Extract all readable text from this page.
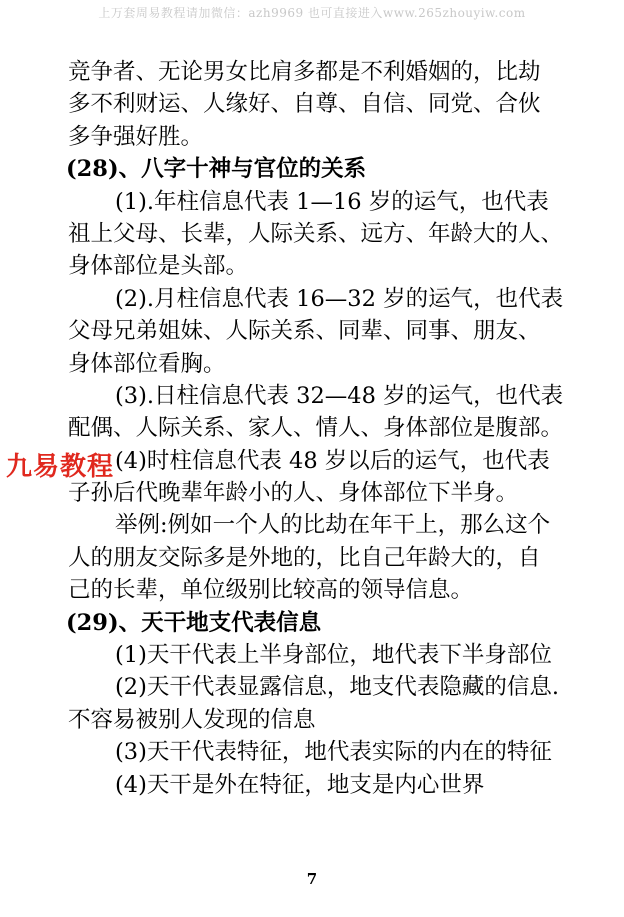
上万套周易教程请加微信：azh9969 也可直接进入www.265zhouyiw.com
竞争者、无论男女比肩多都是不利婚姻的，比劫
多不利财运、人缘好、自尊、自信、同党、合伙
多争强好胜。
(28)、八字十神与官位的关系
(1).年柱信息代表 1—16 岁的运气，也代表
祖上父母、长辈，人际关系、远方、年龄大的人、
身体部位是头部。
(2).月柱信息代表 16—32 岁的运气，也代表
父母兄弟姐妹、人际关系、同辈、同事、朋友、
身体部位看胸。
(3).日柱信息代表 32—48 岁的运气，也代表
配偶、人际关系、家人、情人、身体部位是腹部。
(4)时柱信息代表 48 岁以后的运气，也代表
子孙后代晚辈年龄小的人、身体部位下半身。
举例:例如一个人的比劫在年干上，那么这个
人的朋友交际多是外地的，比自己年龄大的，自
己的长辈，单位级别比较高的领导信息。
(29)、天干地支代表信息
(1)天干代表上半身部位，地代表下半身部位
(2)天干代表显露信息，地支代表隐藏的信息.
不容易被别人发现的信息
(3)天干代表特征，地代表实际的内在的特征
(4)天干是外在特征，地支是内心世界
九易教程
7
